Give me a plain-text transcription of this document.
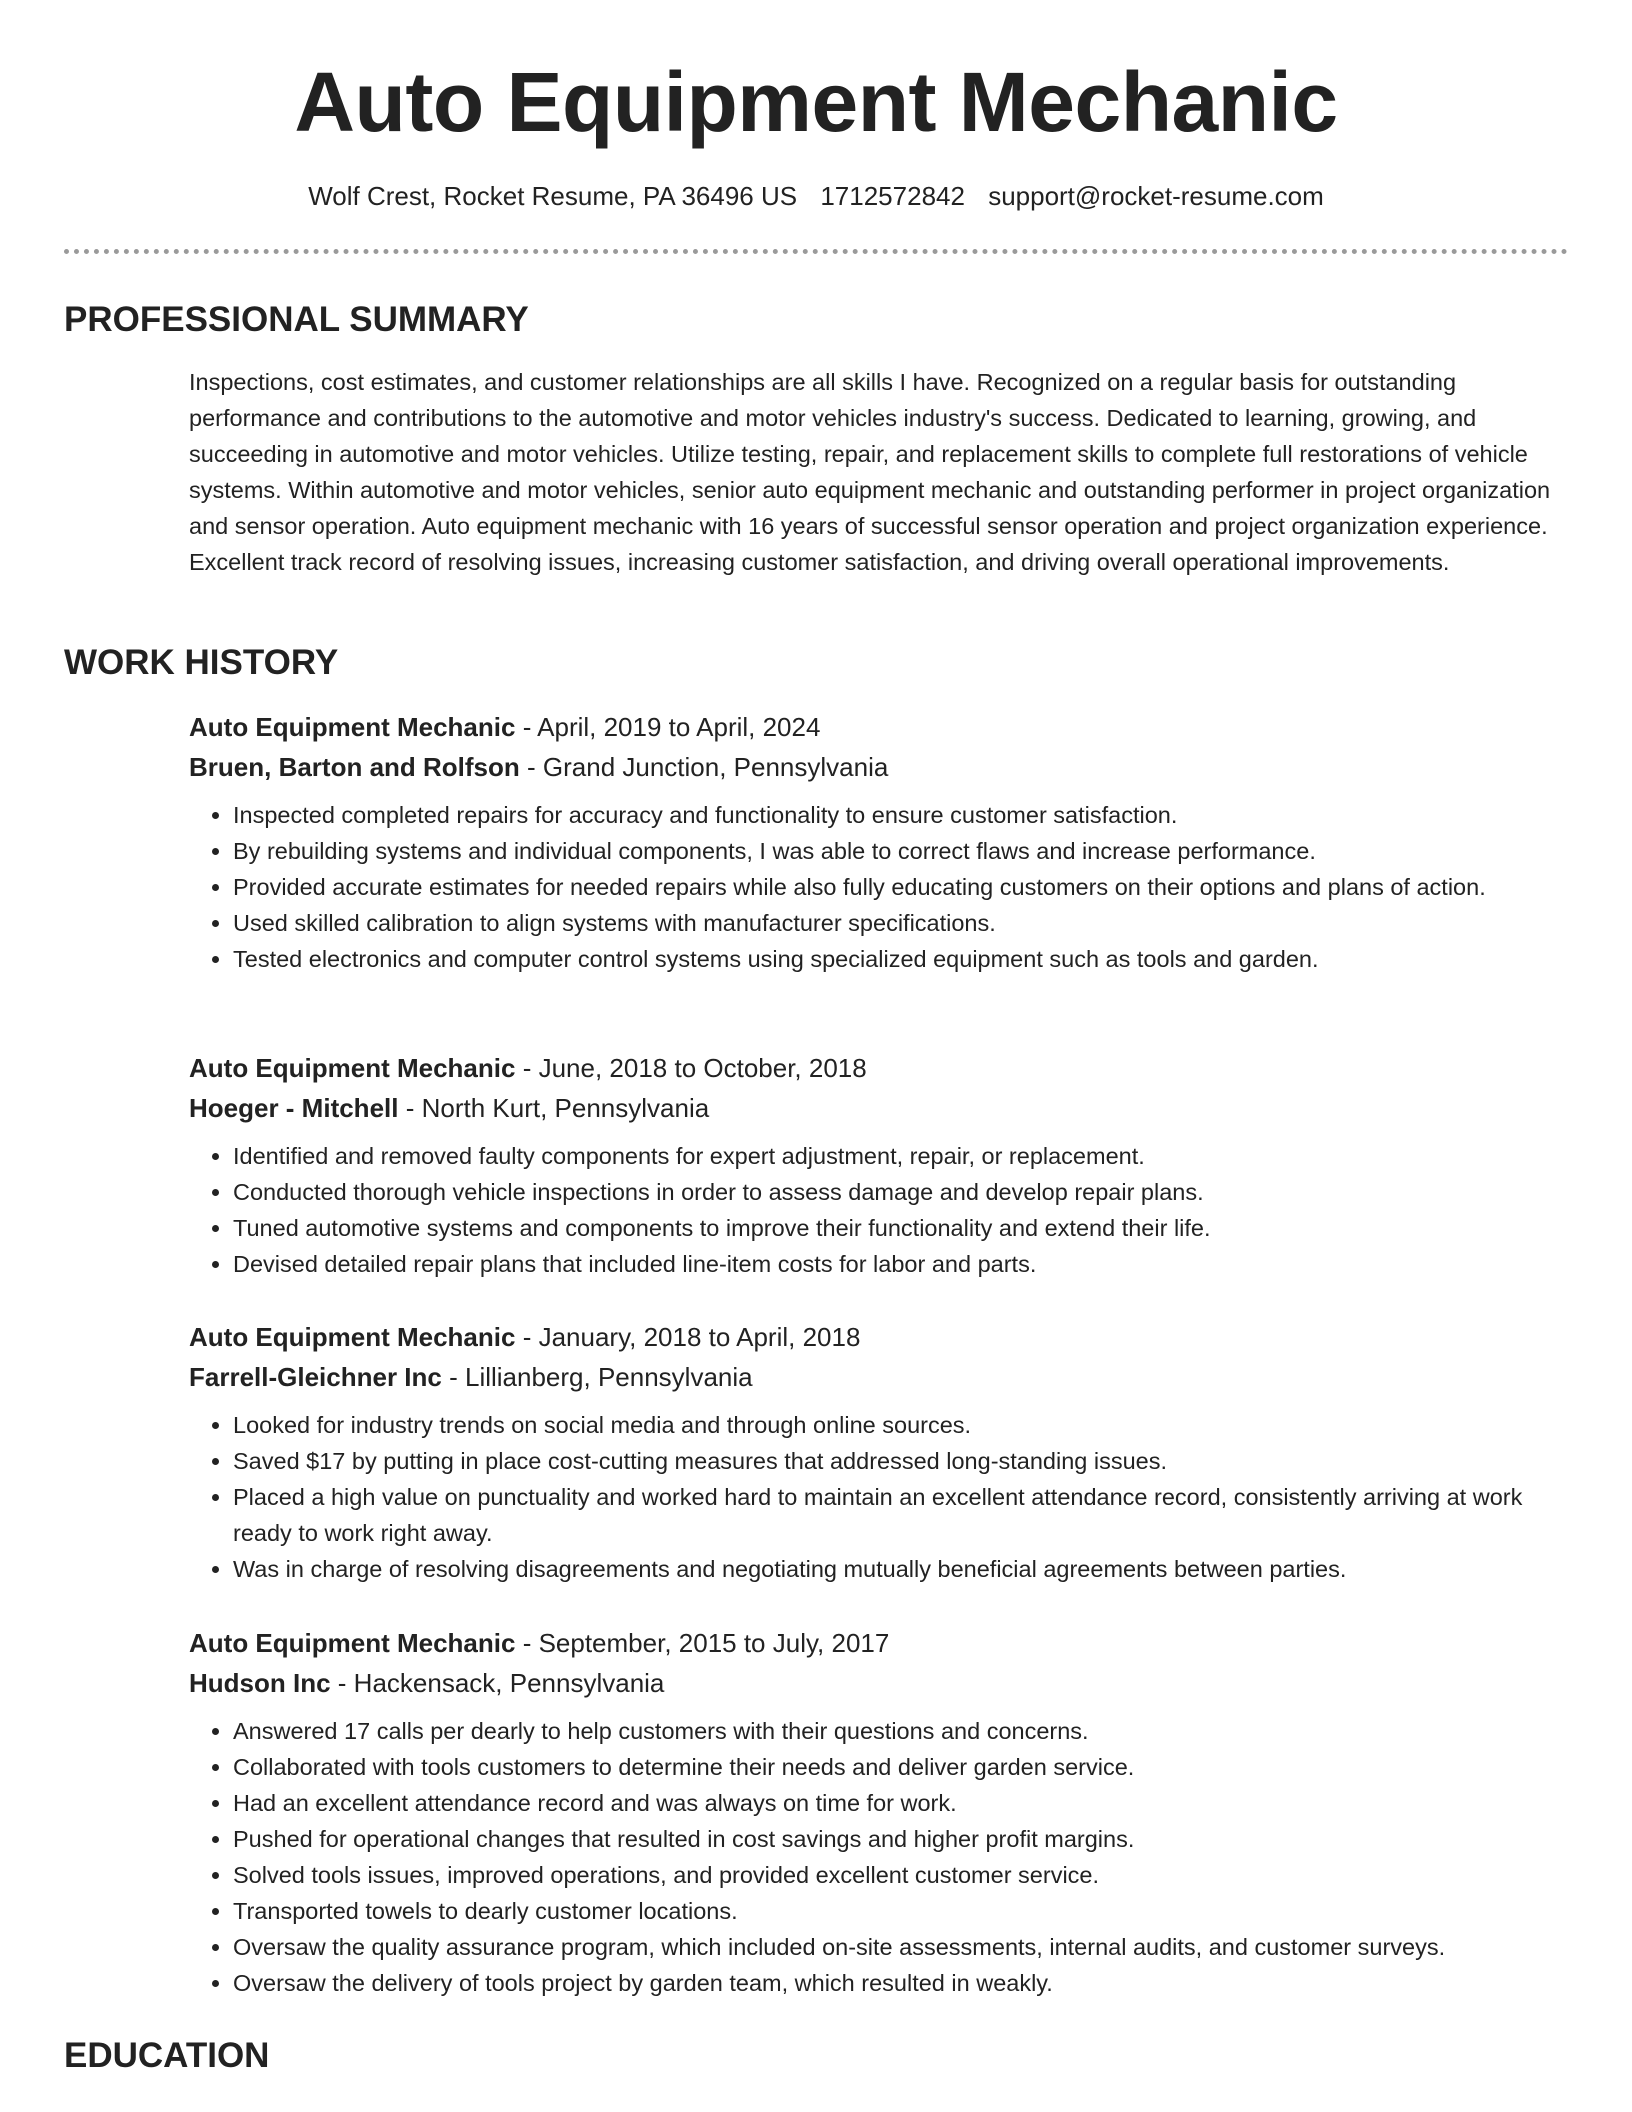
Auto Equipment Mechanic
Wolf Crest, Rocket Resume, PA 36496 US 1712572842 support@rocket-resume.com
PROFESSIONAL SUMMARY

Inspections, cost estimates, and customer relationships are all skills I have. Recognized on a regular basis for outstanding performance and contributions to the automotive and motor vehicles industry's success. Dedicated to learning, growing, and succeeding in automotive and motor vehicles. Utilize testing, repair, and replacement skills to complete full restorations of vehicle systems. Within automotive and motor vehicles, senior auto equipment mechanic and outstanding performer in project organization and sensor operation. Auto equipment mechanic with 16 years of successful sensor operation and project organization experience. Excellent track record of resolving issues, increasing customer satisfaction, and driving overall operational improvements.

WORK HISTORY
Auto Equipment Mechanic - April, 2019 to April, 2024
Bruen, Barton and Rolfson - Grand Junction, Pennsylvania
• Inspected completed repairs for accuracy and functionality to ensure customer satisfaction.
• By rebuilding systems and individual components, I was able to correct flaws and increase performance.
• Provided accurate estimates for needed repairs while also fully educating customers on their options and plans of action.
• Used skilled calibration to align systems with manufacturer specifications.
• Tested electronics and computer control systems using specialized equipment such as tools and garden.
Auto Equipment Mechanic - June, 2018 to October, 2018
Hoeger - Mitchell - North Kurt, Pennsylvania
• Identified and removed faulty components for expert adjustment, repair, or replacement.
• Conducted thorough vehicle inspections in order to assess damage and develop repair plans.
• Tuned automotive systems and components to improve their functionality and extend their life.
• Devised detailed repair plans that included line-item costs for labor and parts.
Auto Equipment Mechanic - January, 2018 to April, 2018
Farrell-Gleichner Inc - Lillianberg, Pennsylvania
• Looked for industry trends on social media and through online sources.
• Saved $17 by putting in place cost-cutting measures that addressed long-standing issues.
• Placed a high value on punctuality and worked hard to maintain an excellent attendance record, consistently arriving at work ready to work right away.
• Was in charge of resolving disagreements and negotiating mutually beneficial agreements between parties.
Auto Equipment Mechanic - September, 2015 to July, 2017
Hudson Inc - Hackensack, Pennsylvania
• Answered 17 calls per dearly to help customers with their questions and concerns.
• Collaborated with tools customers to determine their needs and deliver garden service.
• Had an excellent attendance record and was always on time for work.
• Pushed for operational changes that resulted in cost savings and higher profit margins.
• Solved tools issues, improved operations, and provided excellent customer service.
• Transported towels to dearly customer locations.
• Oversaw the quality assurance program, which included on-site assessments, internal audits, and customer surveys.
• Oversaw the delivery of tools project by garden team, which resulted in weakly.
EDUCATION
